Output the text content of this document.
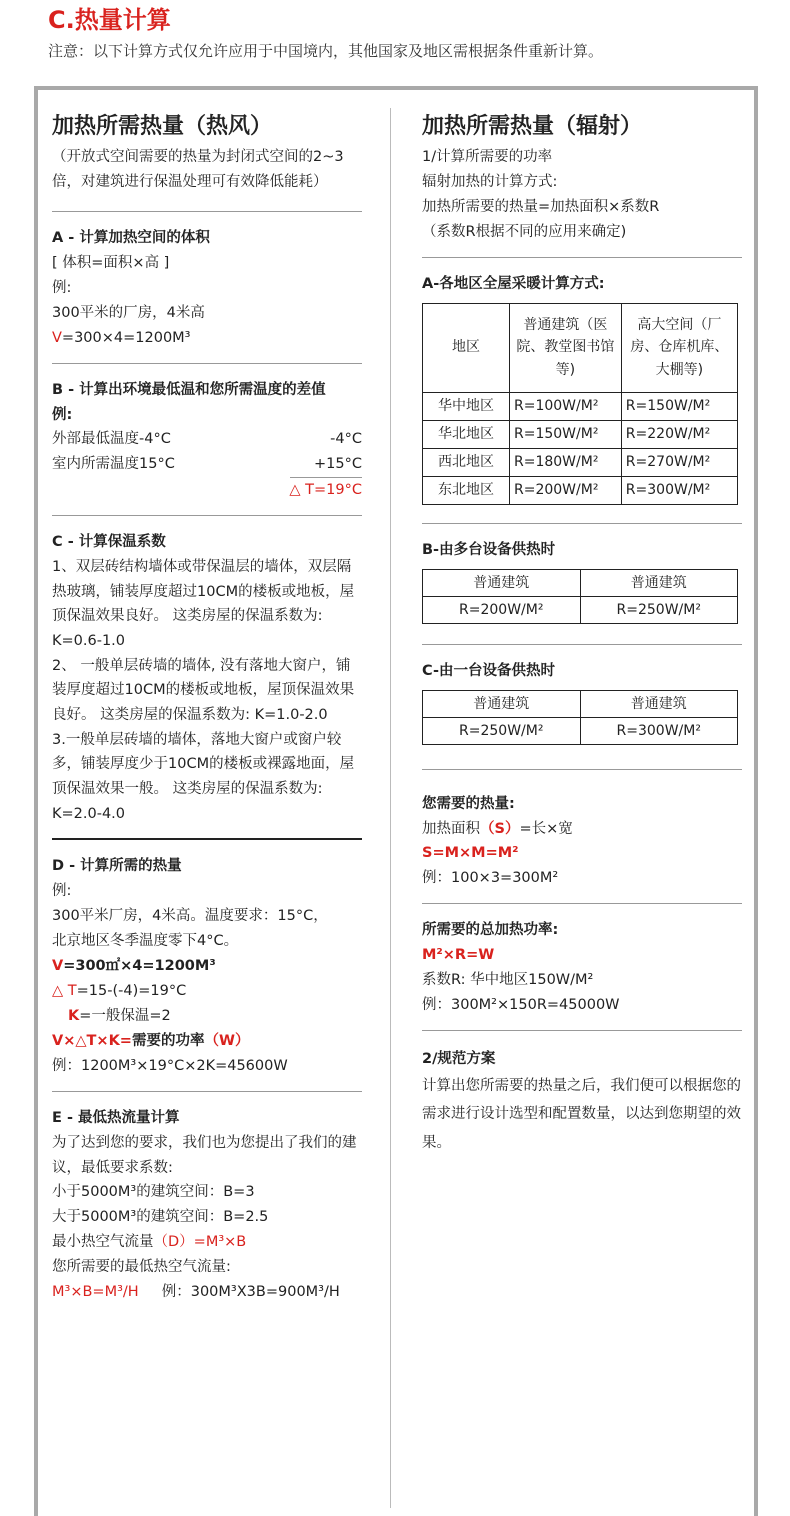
C.热量计算
注意：以下计算方式仅允许应用于中国境内，其他国家及地区需根据条件重新计算。
加热所需热量（热风）

（开放式空间需要的热量为封闭式空间的2~3倍，对建筑进行保温处理可有效降低能耗）

A - 计算加热空间的体积

[ 体积=面积×高 ]

例:

300平米的厂房，4米高

V=300×4=1200M³

B - 计算出环境最低温和您所需温度的差值

例:

外部最低温度-4°C	-4°C
室内所需温度15°C	+15°C

△ T=19°C

C - 计算保温系数

1、双层砖结构墙体或带保温层的墙体，双层隔热玻璃，铺装厚度超过10CM的楼板或地板，屋顶保温效果良好。 这类房屋的保温系数为: K=0.6-1.0

2、 一般单层砖墙的墙体, 没有落地大窗户，铺装厚度超过10CM的楼板或地板，屋顶保温效果良好。 这类房屋的保温系数为: K=1.0-2.0

3.一般单层砖墙的墙体，落地大窗户或窗户较多，铺装厚度少于10CM的楼板或裸露地面，屋顶保温效果一般。 这类房屋的保温系数为: K=2.0-4.0

D - 计算所需的热量

例:

300平米厂房，4米高。温度要求：15°C，

北京地区冬季温度零下4°C。

V=300㎡×4=1200M³

△ T=15-(-4)=19°C

K=一般保温=2

V×△T×K=需要的功率（W）

例：1200M³×19°C×2K=45600W

E - 最低热流量计算

为了达到您的要求，我们也为您提出了我们的建议，最低要求系数:

小于5000M³的建筑空间：B=3

大于5000M³的建筑空间：B=2.5

最小热空气流量（D）=M³×B

您所需要的最低热空气流量:

M³×B=M³/H 例：300M³X3B=900M³/H

加热所需热量（辐射）

1/计算所需要的功率

辐射加热的计算方式:

加热所需要的热量=加热面积×系数R

（系数R根据不同的应用来确定)

A-各地区全屋采暖计算方式:
地区	普通建筑（医院、教堂图书馆等)	高大空间（厂房、仓库机库、大棚等)
华中地区	R=100W/M²	R=150W/M²
华北地区	R=150W/M²	R=220W/M²
西北地区	R=180W/M²	R=270W/M²
东北地区	R=200W/M²	R=300W/M²
B-由多台设备供热时
普通建筑	普通建筑
R=200W/M²	R=250W/M²
C-由一台设备供热时
普通建筑	普通建筑
R=250W/M²	R=300W/M²
您需要的热量:

加热面积（S）=长×宽

S=M×M=M²

例：100×3=300M²

所需要的总加热功率:

M²×R=W

系数R: 华中地区150W/M²

例：300M²×150R=45000W

2/规范方案

计算出您所需要的热量之后，我们便可以根据您的需求进行设计选型和配置数量，以达到您期望的效果。
